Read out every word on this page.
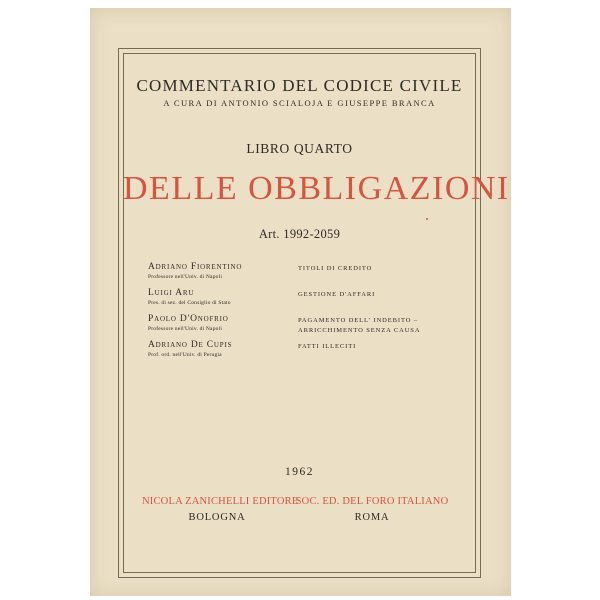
COMMENTARIO DEL CODICE CIVILE
A CURA DI ANTONIO SCIALOJA E GIUSEPPE BRANCA
LIBRO QUARTO
DELLE OBBLIGAZIONI
Art. 1992-2059
Adriano Fiorentino
Professore nell'Univ. di Napoli
TITOLI DI CREDITO
Luigi Aru
Pres. di sez. del Consiglio di Stato
GESTIONE D'AFFARI
Paolo D'Onofrio
Professore nell'Univ. di Napoli
PAGAMENTO DELL' INDEBITO –
ARRICCHIMENTO SENZA CAUSA
Adriano De Cupis
Prof. ord. nell'Univ. di Perugia
FATTI ILLECITI
1962
NICOLA ZANICHELLI EDITORE
SOC. ED. DEL FORO ITALIANO
BOLOGNA	ROMA
